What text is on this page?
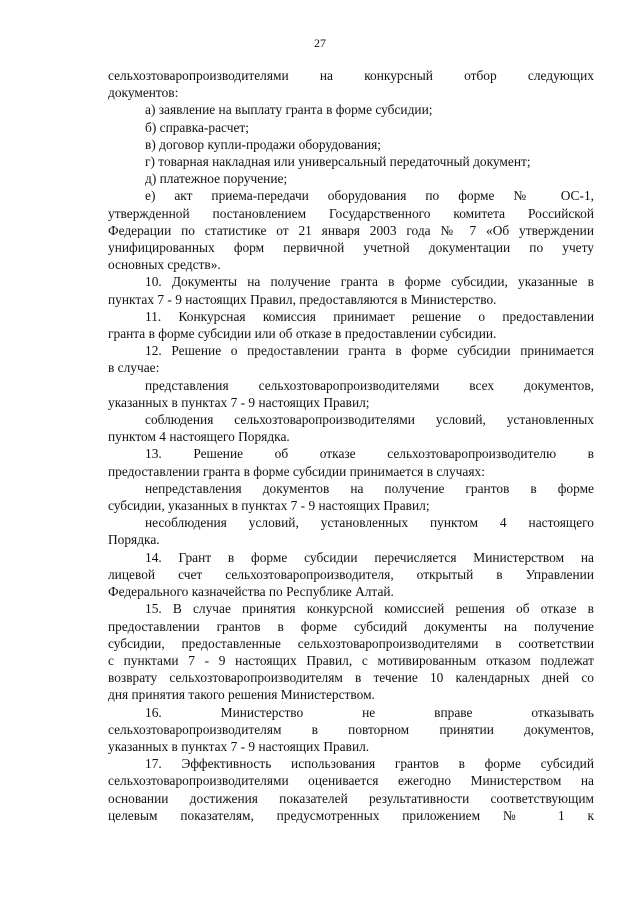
27
сельхозтоваропроизводителями на конкурсный отбор следующих
документов:
а) заявление на выплату гранта в форме субсидии;
б) справка-расчет;
в) договор купли-продажи оборудования;
г) товарная накладная или универсальный передаточный документ;
д) платежное поручение;
е) акт приема-передачи оборудования по форме № ОС-1,
утвержденной постановлением Государственного комитета Российской
Федерации по статистике от 21 января 2003 года № 7 «Об утверждении
унифицированных форм первичной учетной документации по учету
основных средств».
10. Документы на получение гранта в форме субсидии, указанные в
пунктах 7 - 9 настоящих Правил, предоставляются в Министерство.
11. Конкурсная комиссия принимает решение о предоставлении
гранта в форме субсидии или об отказе в предоставлении субсидии.
12. Решение о предоставлении гранта в форме субсидии принимается
в случае:
представления сельхозтоваропроизводителями всех документов,
указанных в пунктах 7 - 9 настоящих Правил;
соблюдения сельхозтоваропроизводителями условий, установленных
пунктом 4 настоящего Порядка.
13. Решение об отказе сельхозтоваропроизводителю в
предоставлении гранта в форме субсидии принимается в случаях:
непредставления документов на получение грантов в форме
субсидии, указанных в пунктах 7 - 9 настоящих Правил;
несоблюдения условий, установленных пунктом 4 настоящего
Порядка.
14. Грант в форме субсидии перечисляется Министерством на
лицевой счет сельхозтоваропроизводителя, открытый в Управлении
Федерального казначейства по Республике Алтай.
15. В случае принятия конкурсной комиссией решения об отказе в
предоставлении грантов в форме субсидий документы на получение
субсидии, предоставленные сельхозтоваропроизводителями в соответствии
с пунктами 7 - 9 настоящих Правил, с мотивированным отказом подлежат
возврату сельхозтоваропроизводителям в течение 10 календарных дней со
дня принятия такого решения Министерством.
16. Министерство не вправе отказывать
сельхозтоваропроизводителям в повторном принятии документов,
указанных в пунктах 7 - 9 настоящих Правил.
17. Эффективность использования грантов в форме субсидий
сельхозтоваропроизводителями оценивается ежегодно Министерством на
основании достижения показателей результативности соответствующим
целевым показателям, предусмотренных приложением № 1 к
